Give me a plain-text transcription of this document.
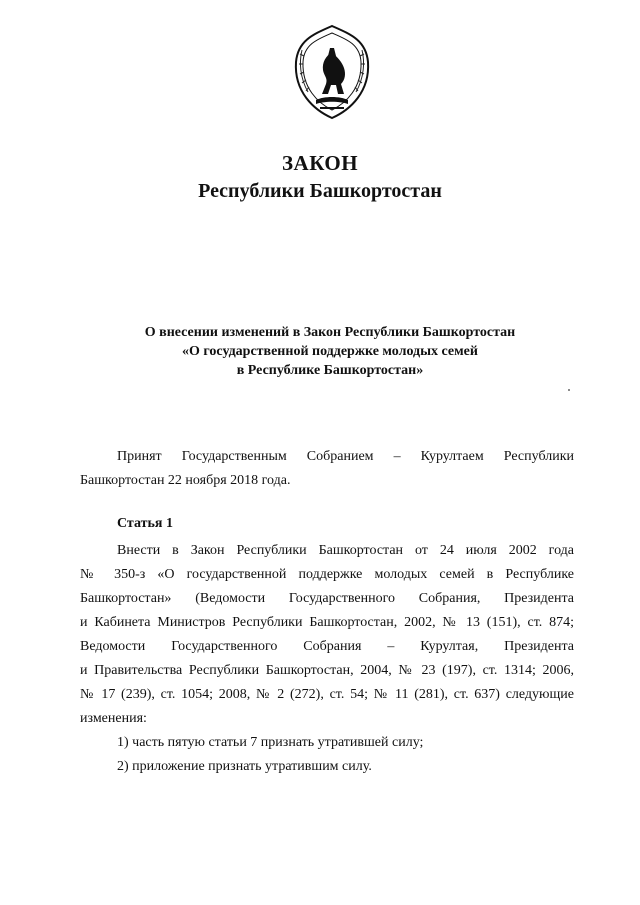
ЗАКОН
Республики Башкортостан
О внесении изменений в Закон Республики Башкортостан
«О государственной поддержке молодых семей
в Республике Башкортостан»
Принят Государственным Собранием – Курултаем Республики
Башкортостан 22 ноября 2018 года.
Статья 1
Внести в Закон Республики Башкортостан от 24 июля 2002 года
№ 350-з «О государственной поддержке молодых семей в Республике
Башкортостан» (Ведомости Государственного Собрания, Президента
и Кабинета Министров Республики Башкортостан, 2002, № 13 (151), ст. 874;
Ведомости Государственного Собрания – Курултая, Президента
и Правительства Республики Башкортостан, 2004, № 23 (197), ст. 1314; 2006,
№ 17 (239), ст. 1054; 2008, № 2 (272), ст. 54; № 11 (281), ст. 637) следующие
изменения:
1) часть пятую статьи 7 признать утратившей силу;
2) приложение признать утратившим силу.
